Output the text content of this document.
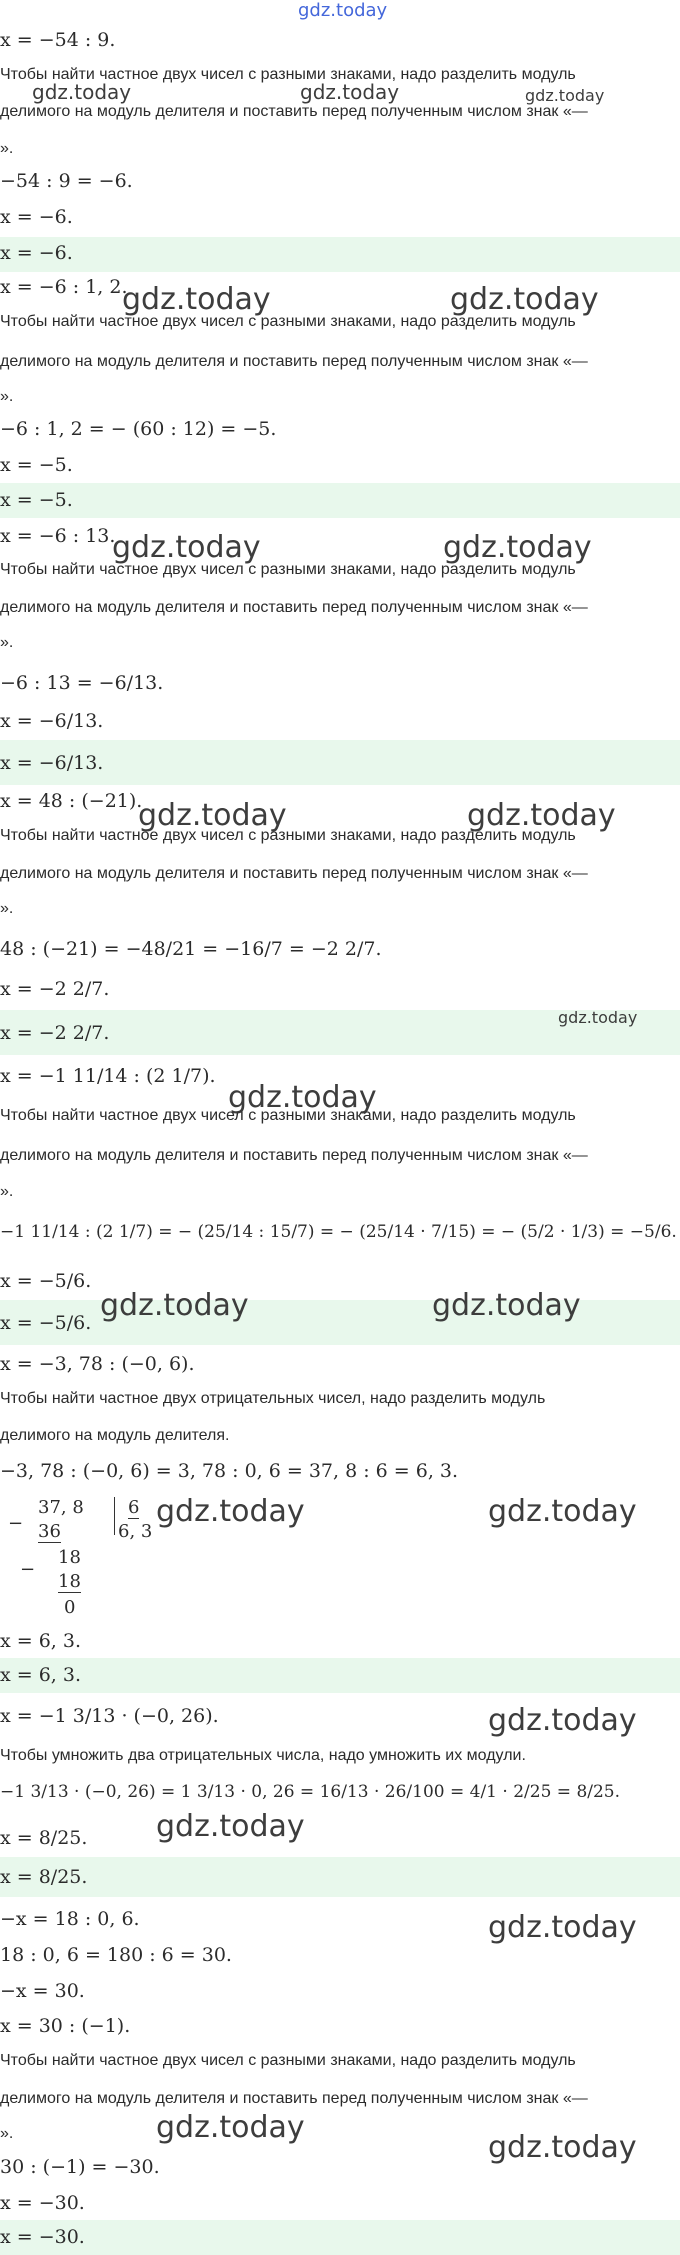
gdz.today
x = −54 : 9.
Чтобы найти частное двух чисел с разными знаками, надо разделить модуль
делимого на модуль делителя и поставить перед полученным числом знак «—
».
−54 : 9 = −6.
x = −6.
x = −6.
x = −6 : 1, 2.
Чтобы найти частное двух чисел с разными знаками, надо разделить модуль
делимого на модуль делителя и поставить перед полученным числом знак «—
».
−6 : 1, 2 = − (60 : 12) = −5.
x = −5.
x = −5.
x = −6 : 13.
Чтобы найти частное двух чисел с разными знаками, надо разделить модуль
делимого на модуль делителя и поставить перед полученным числом знак «—
».
−6 : 13 = −6/13.
x = −6/13.
x = −6/13.
x = 48 : (−21).
Чтобы найти частное двух чисел с разными знаками, надо разделить модуль
делимого на модуль делителя и поставить перед полученным числом знак «—
».
48 : (−21) = −48/21 = −16/7 = −2 2/7.
x = −2 2/7.
x = −2 2/7.
x = −1 11/14 : (2 1/7).
Чтобы найти частное двух чисел с разными знаками, надо разделить модуль
делимого на модуль делителя и поставить перед полученным числом знак «—
».
−1 11/14 : (2 1/7) = − (25/14 : 15/7) = − (25/14 · 7/15) = − (5/2 · 1/3) = −5/6.
x = −5/6.
x = −5/6.
x = −3, 78 : (−0, 6).
Чтобы найти частное двух отрицательных чисел, надо разделить модуль
делимого на модуль делителя.
−
37, 8
36
6
6, 3
−
18
18
0
−3, 78 : (−0, 6) = 3, 78 : 0, 6 = 37, 8 : 6 = 6, 3.
x = 6, 3.
x = 6, 3.
x = −1 3/13 · (−0, 26).
Чтобы умножить два отрицательных числа, надо умножить их модули.
−1 3/13 · (−0, 26) = 1 3/13 · 0, 26 = 16/13 · 26/100 = 4/1 · 2/25 = 8/25.
x = 8/25.
x = 8/25.
−x = 18 : 0, 6.
18 : 0, 6 = 180 : 6 = 30.
−x = 30.
x = 30 : (−1).
Чтобы найти частное двух чисел с разными знаками, надо разделить модуль
делимого на модуль делителя и поставить перед полученным числом знак «—
».
30 : (−1) = −30.
x = −30.
x = −30.
gdz.today	gdz.today	gdz.today
gdz.today	gdz.today
gdz.today	gdz.today
gdz.today	gdz.today
gdz.today
gdz.today
gdz.today	gdz.today
gdz.today	gdz.today
gdz.today
gdz.today
gdz.today
gdz.today
gdz.today
